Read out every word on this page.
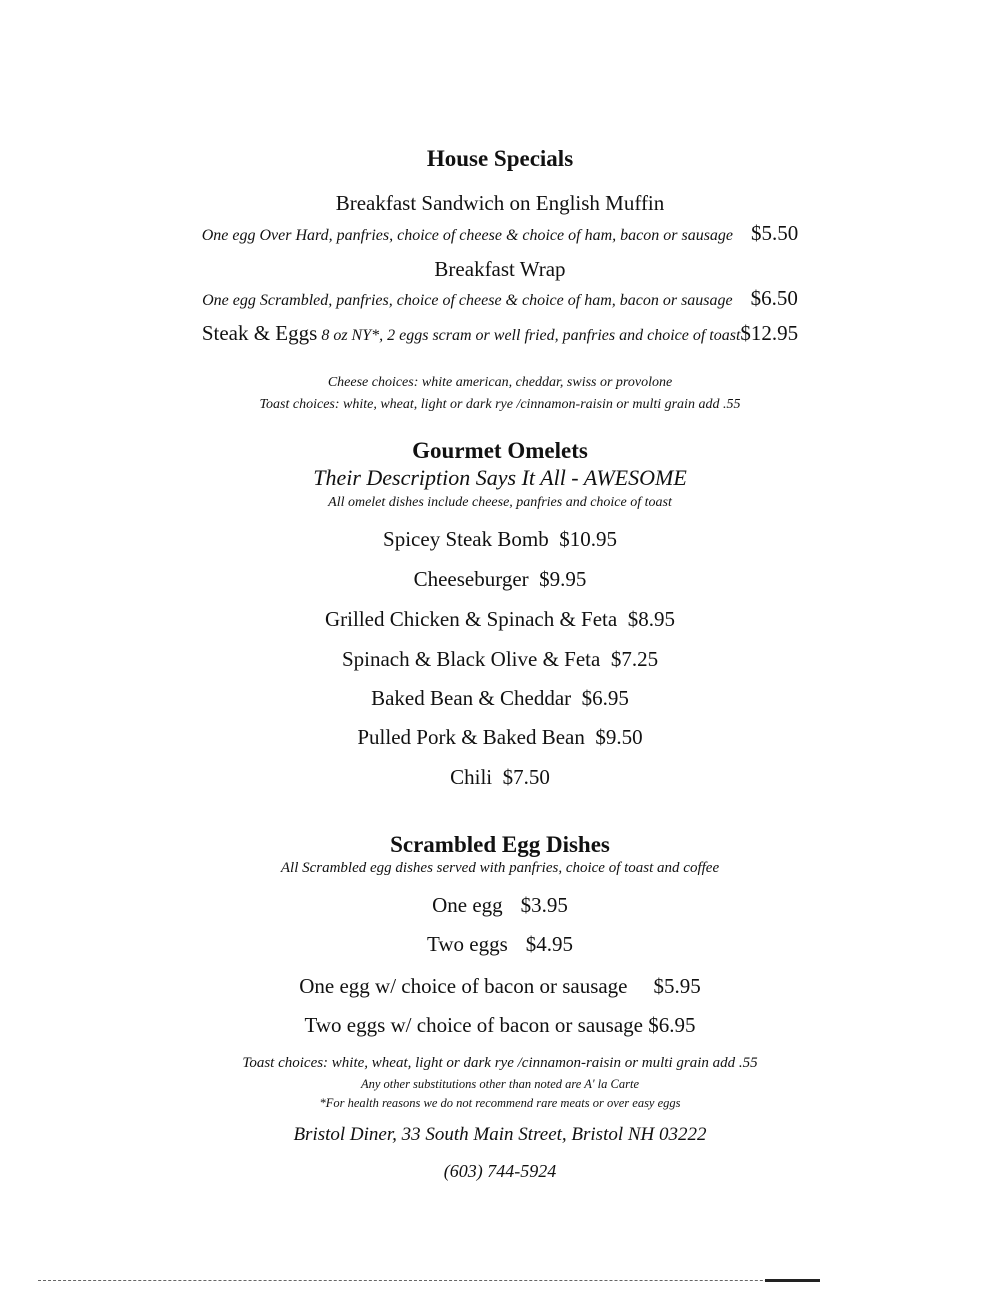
House Specials
Breakfast Sandwich on English Muffin
One egg Over Hard, panfries, choice of cheese & choice of ham, bacon or sausage $5.50
Breakfast Wrap
One egg Scrambled, panfries, choice of cheese & choice of ham, bacon or sausage $6.50
Steak & Eggs 8 oz NY*, 2 eggs scram or well fried, panfries and choice of toast$12.95
Cheese choices: white american, cheddar, swiss or provolone
Toast choices: white, wheat, light or dark rye /cinnamon-raisin or multi grain add .55
Gourmet Omelets
Their Description Says It All - AWESOME
All omelet dishes include cheese, panfries and choice of toast
Spicey Steak Bomb $10.95
Cheeseburger $9.95
Grilled Chicken & Spinach & Feta $8.95
Spinach & Black Olive & Feta $7.25
Baked Bean & Cheddar $6.95
Pulled Pork & Baked Bean $9.50
Chili $7.50
Scrambled Egg Dishes
All Scrambled egg dishes served with panfries, choice of toast and coffee
One egg $3.95
Two eggs $4.95
One egg w/ choice of bacon or sausage $5.95
Two eggs w/ choice of bacon or sausage $6.95
Toast choices: white, wheat, light or dark rye /cinnamon-raisin or multi grain add .55
Any other substitutions other than noted are A' la Carte
*For health reasons we do not recommend rare meats or over easy eggs
Bristol Diner, 33 South Main Street, Bristol NH 03222
(603) 744-5924
